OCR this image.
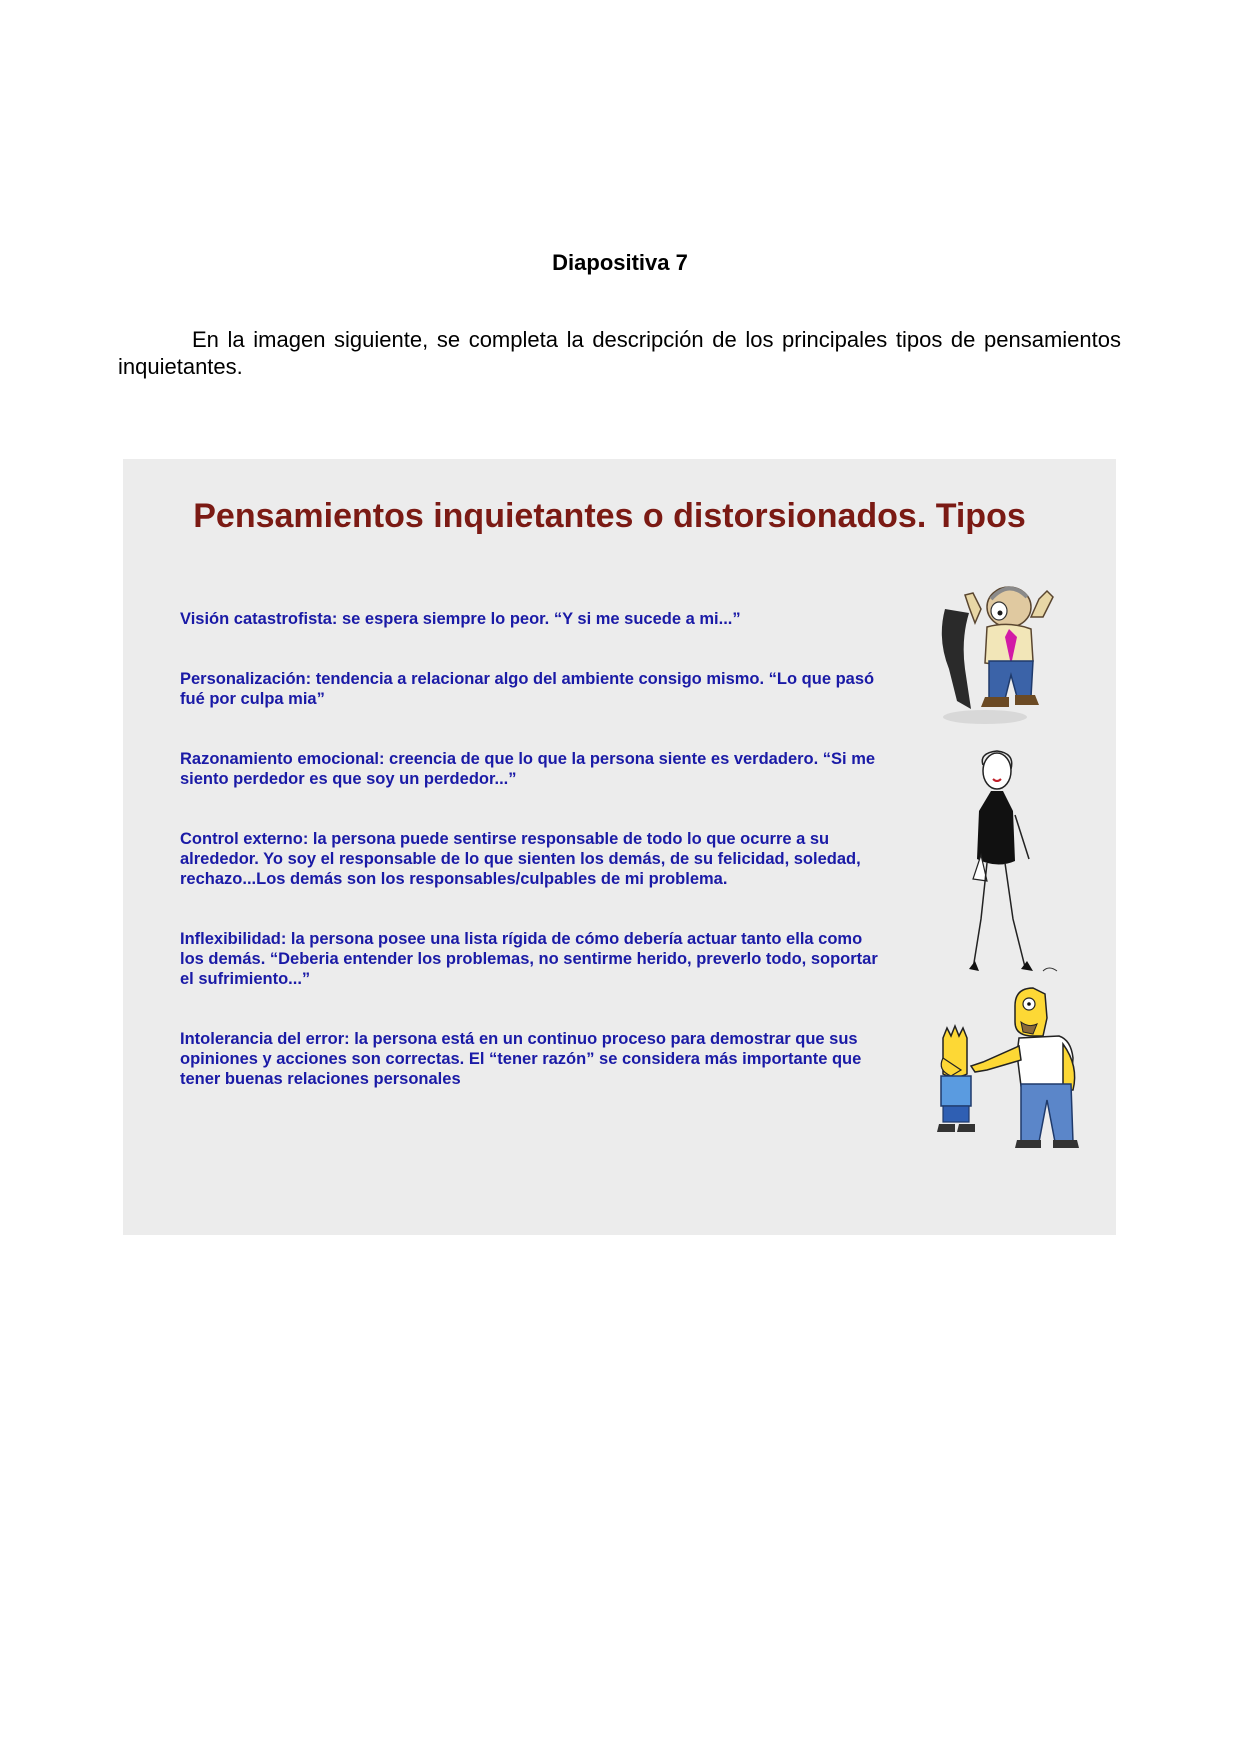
Diapositiva 7

En la imagen siguiente, se completa la descripción de los principales tipos de pensamientos inquietantes.

Pensamientos inquietantes o distorsionados. Tipos

Visión catastrofista: se espera siempre lo peor. “Y si me sucede a mi...”

Personalización: tendencia a relacionar algo del ambiente consigo mismo. “Lo que pasó fué por culpa mia”

Razonamiento emocional: creencia de que lo que la persona siente es verdadero. “Si me siento perdedor es que soy un perdedor...”

Control externo: la persona puede sentirse responsable de todo lo que ocurre a su alrededor. Yo soy el responsable de lo que sienten los demás, de su felicidad, soledad, rechazo...Los demás son los responsables/culpables de mi problema.

Inflexibilidad: la persona posee una lista rígida de cómo debería actuar tanto ella como los demás. “Deberia entender los problemas, no sentirme herido, preverlo todo, soportar el sufrimiento...”

Intolerancia del error: la persona está en un continuo proceso para demostrar que sus opiniones y acciones son correctas. El “tener razón” se considera más importante que tener buenas relaciones personales
